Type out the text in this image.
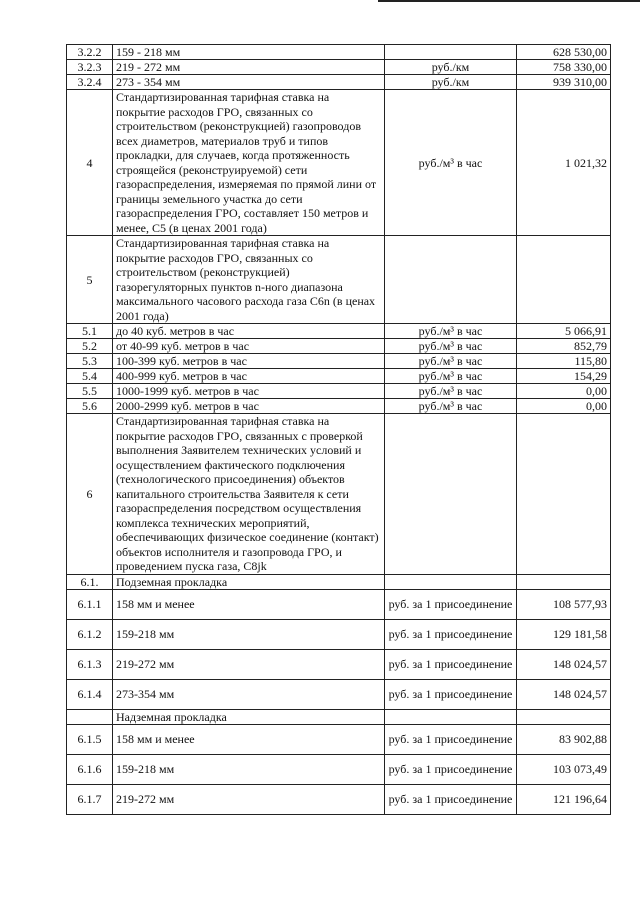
3.2.2	159 - 218 мм		628 530,00
3.2.3	219 - 272 мм	руб./км	758 330,00
3.2.4	273 - 354 мм	руб./км	939 310,00
4	Стандартизированная тарифная ставка на покрытие расходов ГРО, связанных со строительством (реконструкцией) газопроводов всех диаметров, материалов труб и типов прокладки, для случаев, когда протяженность строящейся (реконструируемой) сети газораспределения, измеряемая по прямой лини от границы земельного участка до сети газораспределения ГРО, составляет 150 метров и менее, С5 (в ценах 2001 года)	руб./м³ в час	1 021,32
5	Стандартизированная тарифная ставка на покрытие расходов ГРО, связанных со строительством (реконструкцией) газорегуляторных пунктов n-ного диапазона максимального часового расхода газа С6n (в ценах 2001 года)		
5.1	до 40 куб. метров в час	руб./м³ в час	5 066,91
5.2	от 40-99 куб. метров в час	руб./м³ в час	852,79
5.3	100-399 куб. метров в час	руб./м³ в час	115,80
5.4	400-999 куб. метров в час	руб./м³ в час	154,29
5.5	1000-1999 куб. метров в час	руб./м³ в час	0,00
5.6	2000-2999 куб. метров в час	руб./м³ в час	0,00
6	Стандартизированная тарифная ставка на покрытие расходов ГРО, связанных с проверкой выполнения Заявителем технических условий и осуществлением фактического подключения (технологического присоединения) объектов капитального строительства Заявителя к сети газораспределения посредством осуществления комплекса технических мероприятий, обеспечивающих физическое соединение (контакт) объектов исполнителя и газопровода ГРО, и проведением пуска газа, C8jk		
6.1.	Подземная прокладка		
6.1.1	158 мм и менее	руб. за 1 присоединение	108 577,93
6.1.2	159-218 мм	руб. за 1 присоединение	129 181,58
6.1.3	219-272 мм	руб. за 1 присоединение	148 024,57
6.1.4	273-354 мм	руб. за 1 присоединение	148 024,57
	Надземная прокладка		
6.1.5	158 мм и менее	руб. за 1 присоединение	83 902,88
6.1.6	159-218 мм	руб. за 1 присоединение	103 073,49
6.1.7	219-272 мм	руб. за 1 присоединение	121 196,64
